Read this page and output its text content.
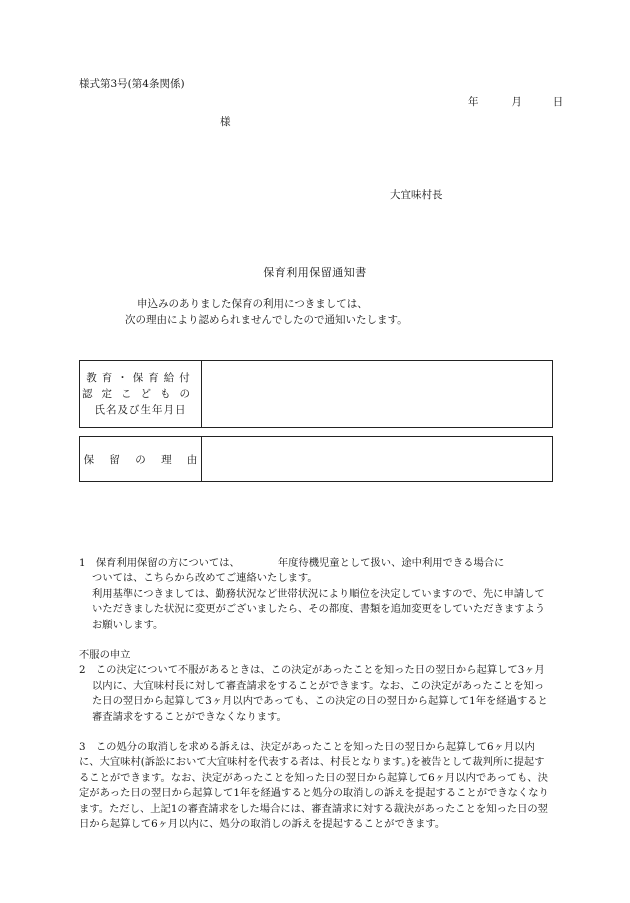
様式第3号(第4条関係)
年	月	日
様
大宜味村長
保育利用保留通知書

申込みのありました保育の利用につきましては、

次の理由により認められませんでしたので通知いたします。

教育・保育給付
認定こどもの
氏名及び生年月日
保 留 の 理 由

1　保育利用保留の方については、	年度待機児童として扱い、途中利用できる場合に

ついては、こちらから改めてご連絡いたします。

利用基準につきましては、勤務状況など世帯状況により順位を決定していますので、先に申請していただきました状況に変更がございましたら、その都度、書類を追加変更をしていただきますようお願いします。

不服の申立

2　この決定について不服があるときは、この決定があったことを知った日の翌日から起算して3ヶ月以内に、大宜味村長に対して審査請求をすることができます。なお、この決定があったことを知った日の翌日から起算して3ヶ月以内であっても、この決定の日の翌日から起算して1年を経過すると審査請求をすることができなくなります。

3　この処分の取消しを求める訴えは、決定があったことを知った日の翌日から起算して6ヶ月以内に、大宜味村(訴訟において大宜味村を代表する者は、村長となります。)を被告として裁判所に提起することができます。なお、決定があったことを知った日の翌日から起算して6ヶ月以内であっても、決定があった日の翌日から起算して1年を経過すると処分の取消しの訴えを提起することができなくなります。ただし、上記1の審査請求をした場合には、審査請求に対する裁決があったことを知った日の翌日から起算して6ヶ月以内に、処分の取消しの訴えを提起することができます。
